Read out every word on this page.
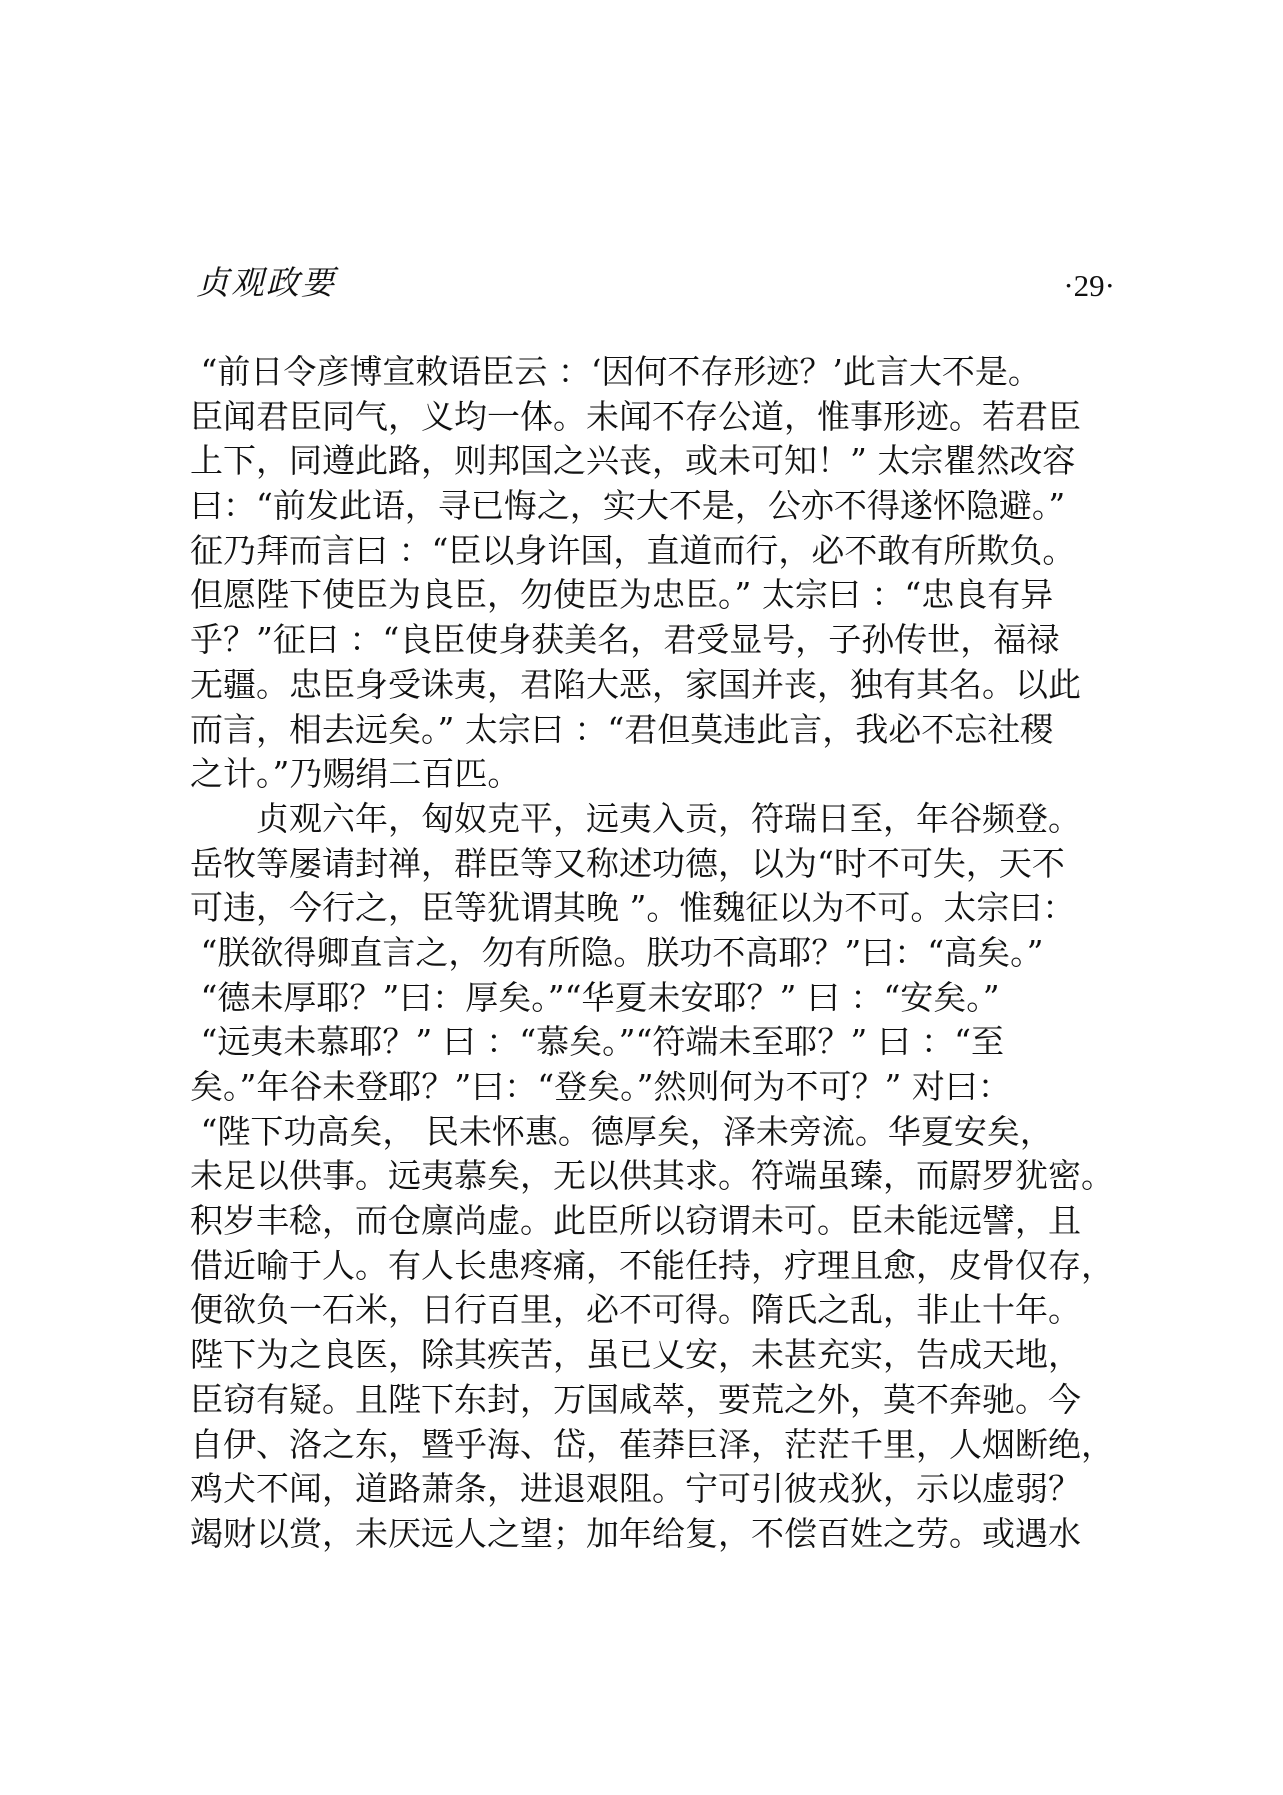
贞观政要	·29·
“前日令彦博宣敕语臣云 ：‘因何不存形迹？’此言大不是。
臣闻君臣同气，义均一体。未闻不存公道，惟事形迹。若君臣
上下，同遵此路，则邦国之兴丧，或未可知！” 太宗瞿然改容
曰：“前发此语，寻已悔之，实大不是，公亦不得遂怀隐避。”
征乃拜而言曰 ：“臣以身许国，直道而行，必不敢有所欺负。
但愿陛下使臣为良臣，勿使臣为忠臣。” 太宗曰 ：“忠良有异
乎？”征曰 ：“良臣使身获美名，君受显号，子孙传世，福禄
无疆。忠臣身受诛夷，君陷大恶，家国并丧，独有其名。以此
而言，相去远矣。” 太宗曰 ：“君但莫违此言，我必不忘社稷
之计。”乃赐绢二百匹。
　　贞观六年，匈奴克平，远夷入贡，符瑞日至，年谷频登。
岳牧等屡请封禅，群臣等又称述功德，以为“时不可失，天不
可违，今行之，臣等犹谓其晚 ”。惟魏征以为不可。太宗曰：
“朕欲得卿直言之，勿有所隐。朕功不高耶？”曰：“高矣。”
“德未厚耶？”曰：厚矣。”“华夏未安耶？” 曰 ：“安矣。”
“远夷未慕耶？” 曰 ：“慕矣。”“符端未至耶？” 曰 ：“至
矣。”年谷未登耶？”曰：“登矣。”然则何为不可？” 对曰：
“陛下功高矣， 民未怀惠。德厚矣，泽未旁流。华夏安矣，
未足以供事。远夷慕矣，无以供其求。符端虽臻，而罻罗犹密。
积岁丰稔，而仓廪尚虚。此臣所以窃谓未可。臣未能远譬，且
借近喻于人。有人长患疼痛，不能任持，疗理且愈，皮骨仅存，
便欲负一石米，日行百里，必不可得。隋氏之乱，非止十年。
陛下为之良医，除其疾苦，虽已乂安，未甚充实，告成天地，
臣窃有疑。且陛下东封，万国咸萃，要荒之外，莫不奔驰。今
自伊、洛之东，暨乎海、岱，萑莽巨泽，茫茫千里，人烟断绝，
鸡犬不闻，道路萧条，进退艰阻。宁可引彼戎狄，示以虚弱？
竭财以赏，未厌远人之望；加年给复，不偿百姓之劳。或遇水
